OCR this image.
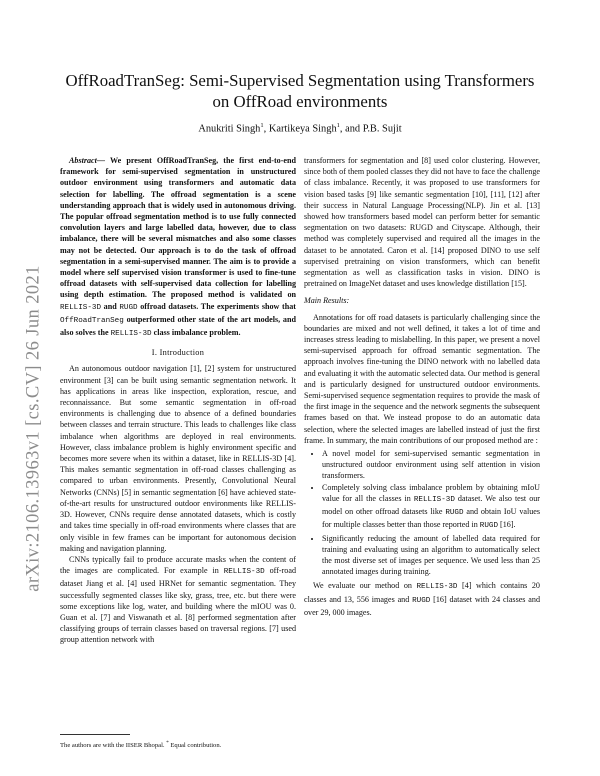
arXiv:2106.13963v1 [cs.CV] 26 Jun 2021
OffRoadTranSeg: Semi-Supervised Segmentation using Transformers on OffRoad environments
Anukriti Singh$^1$, Kartikeya Singh$^1$, and P.B. Sujit

Abstract— We present OffRoadTranSeg, the first end-to-end framework for semi-supervised segmentation in unstructured outdoor environment using transformers and automatic data selection for labelling. The offroad segmentation is a scene understanding approach that is widely used in autonomous driving. The popular offroad segmentation method is to use fully connected convolution layers and large labelled data, however, due to class imbalance, there will be several mismatches and also some classes may not be detected. Our approach is to do the task of offroad segmentation in a semi-supervised manner. The aim is to provide a model where self supervised vision transformer is used to fine-tune offroad datasets with self-supervised data collection for labelling using depth estimation. The proposed method is validated on RELLIS-3D and RUGD offroad datasets. The experiments show that OffRoadTranSeg outperformed other state of the art models, and also solves the RELLIS-3D class imbalance problem.

I. Introduction

An autonomous outdoor navigation [1], [2] system for unstructured environment [3] can be built using semantic segmentation network. It has applications in areas like inspection, exploration, rescue, and reconnaissance. But some semantic segmentation in off-road environments is challenging due to absence of a defined boundaries between classes and terrain structure. This leads to challenges like class imbalance when algorithms are deployed in real environments. However, class imbalance problem is highly environment specific and becomes more severe when its within a dataset, like in RELLIS-3D [4]. This makes semantic segmentation in off-road classes challenging as compared to urban environments. Presently, Convolutional Neural Networks (CNNs) [5] in semantic segmentation [6] have achieved state-of-the-art results for unstructured outdoor environments like RELLIS-3D. However, CNNs require dense annotated datasets, which is costly and takes time specially in off-road environments where classes that are only visible in few frames can be important for autonomous decision making and navigation planning.

CNNs typically fail to produce accurate masks when the content of the images are complicated. For example in RELLIS-3D off-road dataset Jiang et al. [4] used HRNet for semantic segmentation. They successfully segmented classes like sky, grass, tree, etc. but there were some exceptions like log, water, and building where the mIOU was 0. Guan et al. [7] and Viswanath et al. [8] performed segmentation after classifying groups of terrain classes based on traversal regions. [7] used group attention network with

The authors are with the IISER Bhopal. * Equal contribution.

transformers for segmentation and [8] used color clustering. However, since both of them pooled classes they did not have to face the challenge of class imbalance. Recently, it was proposed to use transformers for vision based tasks [9] like semantic segmentation [10], [11], [12] after their success in Natural Language Processing(NLP). Jin et al. [13] showed how transformers based model can perform better for semantic segmentation on two datasets: RUGD and Cityscape. Although, their method was completely supervised and required all the images in the dataset to be annotated. Caron et al. [14] proposed DINO to use self supervised pretraining on vision transformers, which can benefit segmentation as well as classification tasks in vision. DINO is pretrained on ImageNet dataset and uses knowledge distillation [15].

Main Results:

Annotations for off road datasets is particularly challenging since the boundaries are mixed and not well defined, it takes a lot of time and increases stress leading to mislabelling. In this paper, we present a novel semi-supervised approach for offroad semantic segmentation. The approach involves fine-tuning the DINO network with no labelled data and evaluating it with the automatic selected data. Our method is general and is particularly designed for unstructured outdoor environments. Semi-supervised sequence segmentation requires to provide the mask of the first image in the sequence and the network segments the subsequent frames based on that. We instead propose to do an automatic data selection, where the selected images are labelled instead of just the first frame. In summary, the main contributions of our proposed method are :

• A novel model for semi-supervised semantic segmentation in unstructured outdoor environment using self attention in vision transformers.
• Completely solving class imbalance problem by obtaining mIoU value for all the classes in RELLIS-3D dataset. We also test our model on other offroad datasets like RUGD and obtain IoU values for multiple classes better than those reported in RUGD [16].
• Significantly reducing the amount of labelled data required for training and evaluating using an algorithm to automatically select the most diverse set of images per sequence. We used less than 25 annotated images during training.

We evaluate our method on RELLIS-3D [4] which contains 20 classes and 13, 556 images and RUGD [16] dataset with 24 classes and over 29, 000 images.
